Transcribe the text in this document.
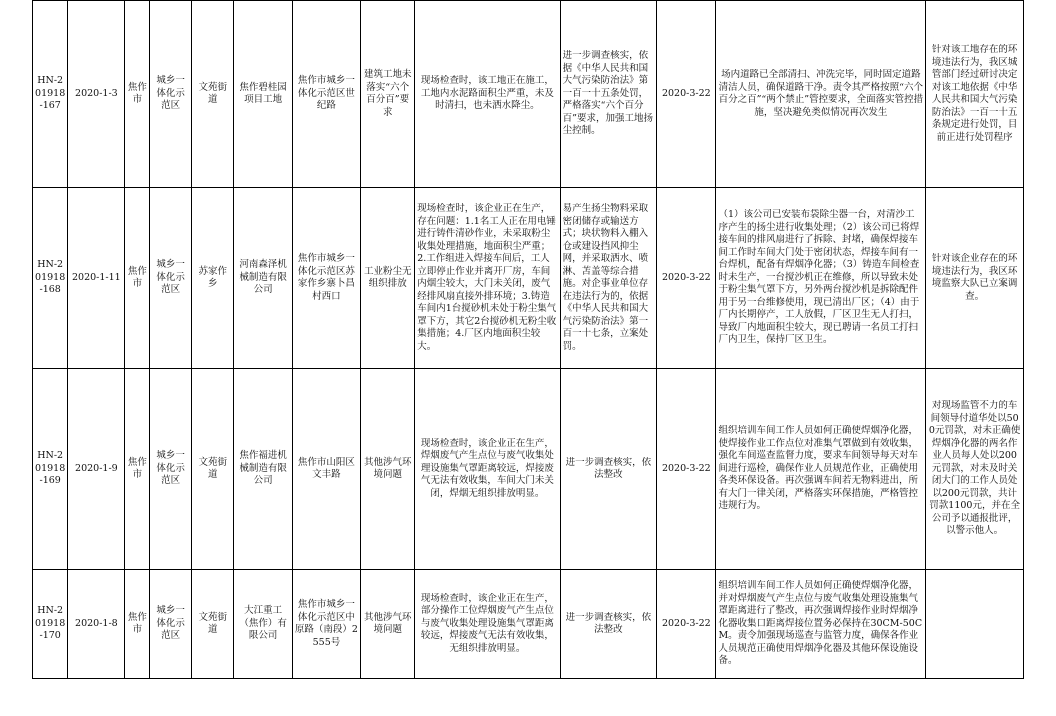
HN-201918-167	2020-1-3	焦作市	城乡一体化示范区	文苑街道	焦作碧桂园项目工地	焦作市城乡一体化示范区世纪路	建筑工地未落实“六个百分百”要求	现场检查时，该工地正在施工，工地内水泥路面积尘严重，未及时清扫，也未洒水降尘。	进一步调查核实，依据《中华人民共和国大气污染防治法》第一百一十五条处罚，严格落实“六个百分百”要求，加强工地扬尘控制。	2020-3-22	场内道路已全部清扫、冲洗完毕，同时固定道路清洁人员，确保道路干净。责令其严格按照“六个百分之百”“两个禁止”管控要求，全面落实管控措施，坚决避免类似情况再次发生	针对该工地存在的环境违法行为，我区城管部门经过研讨决定对该工地依据《中华人民共和国大气污染防治法》一百一十五条规定进行处罚，目前正进行处罚程序

HN-201918-168	2020-1-11	焦作市	城乡一体化示范区	苏家作乡	河南森泽机械制造有限公司	焦作市城乡一体化示范区苏家作乡寨卜昌村西口	工业粉尘无组织排放	现场检查时，该企业正在生产，存在问题：1.1名工人正在用电锤进行铸件清砂作业，未采取粉尘收集处理措施，地面积尘严重；2.工作组进入焊接车间后，工人立即停止作业并离开厂房，车间内烟尘较大，大门未关闭，废气经排风扇直接外排环境；3.铸造车间内1台搅砂机未处于粉尘集气罩下方，其它2台搅砂机无粉尘收集措施；4.厂区内地面积尘较大。	易产生扬尘物料采取密闭储存或输送方式；块状物料入棚入仓或建设挡风抑尘网，并采取洒水、喷淋、苫盖等综合措施。对企事业单位存在违法行为的，依据《中华人民共和国大气污染防治法》第一百一十七条，立案处罚。	2020-3-22	（1）该公司已安装布袋除尘器一台，对清沙工序产生的扬尘进行收集处理；（2）该公司已将焊接车间的排风扇进行了拆除、封堵，确保焊接车间工作时车间大门处于密闭状态，焊接车间有一台焊机，配备有焊烟净化器；（3）铸造车间检查时未生产，一台搅沙机正在维修，所以导致未处于粉尘集气罩下方，另外两台搅沙机是拆除配件用于另一台维修使用，现已清出厂区；（4）由于厂内长期停产，工人放假，厂区卫生无人打扫，导致厂内地面积尘较大，现已聘请一名员工打扫厂内卫生，保持厂区卫生。	针对该企业存在的环境违法行为，我区环境监察大队已立案调查。

HN-201918-169	2020-1-9	焦作市	城乡一体化示范区	文苑街道	焦作福进机械制造有限公司	焦作市山阳区文丰路	其他涉气环境问题	现场检查时，该企业正在生产，焊烟废气产生点位与废气收集处理设施集气罩距离较远，焊接废气无法有效收集，车间大门未关闭，焊烟无组织排放明显。	进一步调查核实，依法整改	2020-3-22	组织培训车间工作人员如何正确使焊烟净化器，使焊接作业工作点位对准集气罩做到有效收集，强化车间巡查监督力度，要求车间领导每天对车间进行巡检，确保作业人员规范作业，正确使用各类环保设备。再次强调车间若无物料进出，所有大门一律关闭，严格落实环保措施，严格管控违规行为。	对现场监管不力的车间领导付道华处以500元罚款，对未正确使焊烟净化器的两名作业人员每人处以200元罚款，对未及时关闭大门的工作人员处以200元罚款，共计罚款1100元，并在全公司予以通报批评，以警示他人。

HN-201918-170	2020-1-8	焦作市	城乡一体化示范区	文苑街道	大江重工（焦作）有限公司	焦作市城乡一体化示范区中原路（南段）2555号	其他涉气环境问题	现场检查时，该企业正在生产，部分操作工位焊烟废气产生点位与废气收集处理设施集气罩距离较远，焊接废气无法有效收集，无组织排放明显。	进一步调查核实，依法整改	2020-3-22	组织培训车间工作人员如何正确使焊烟净化器，并对焊烟废气产生点位与废气收集处理设施集气罩距离进行了整改，再次强调焊接作业时焊烟净化器收集口距离焊接位置务必保持在30CM-50CM。责令加强现场巡查与监管力度，确保各作业人员规范正确使用焊烟净化器及其他环保设施设备。	
